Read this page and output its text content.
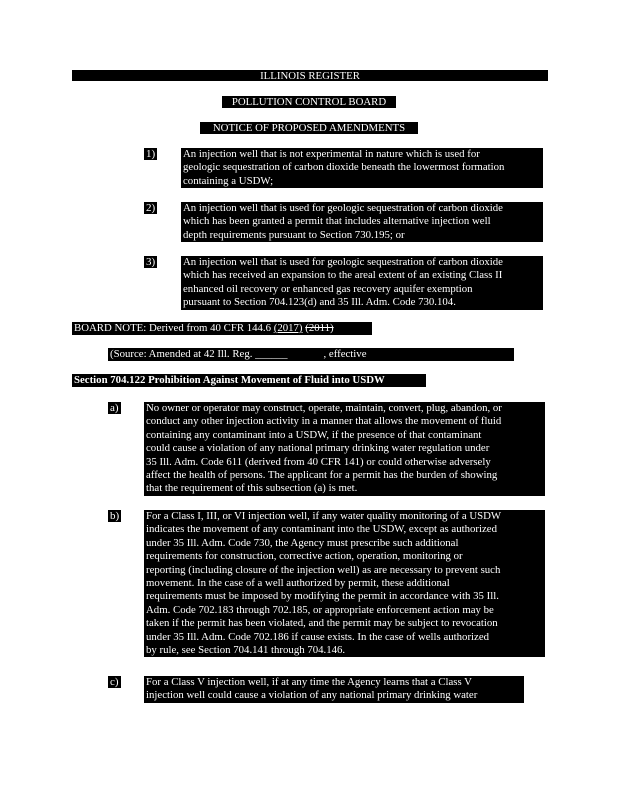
ILLINOIS REGISTER
POLLUTION CONTROL BOARD
NOTICE OF PROPOSED AMENDMENTS
1)	An injection well that is not experimental in nature which is used for
geologic sequestration of carbon dioxide beneath the lowermost formation
containing a USDW;
2)	An injection well that is used for geologic sequestration of carbon dioxide
which has been granted a permit that includes alternative injection well
depth requirements pursuant to Section 730.195; or
3)	An injection well that is used for geologic sequestration of carbon dioxide
which has received an expansion to the areal extent of an existing Class II
enhanced oil recovery or enhanced gas recovery aquifer exemption
pursuant to Section 704.123(d) and 35 Ill. Adm. Code 730.104.
BOARD NOTE: Derived from 40 CFR 144.6 (2017) (2011)
(Source: Amended at 42 Ill. Reg. ______	, effective	)
Section 704.122 Prohibition Against Movement of Fluid into USDW
a)	No owner or operator may construct, operate, maintain, convert, plug, abandon, or
conduct any other injection activity in a manner that allows the movement of fluid
containing any contaminant into a USDW, if the presence of that contaminant
could cause a violation of any national primary drinking water regulation under
35 Ill. Adm. Code 611 (derived from 40 CFR 141) or could otherwise adversely
affect the health of persons. The applicant for a permit has the burden of showing
that the requirement of this subsection (a) is met.
b) For a Class I, III, or VI injection well, if any water quality monitoring of a USDW
indicates the movement of any contaminant into the USDW, except as authorized
under 35 Ill. Adm. Code 730, the Agency must prescribe such additional
requirements for construction, corrective action, operation, monitoring or
reporting (including closure of the injection well) as are necessary to prevent such
movement. In the case of a well authorized by permit, these additional
requirements must be imposed by modifying the permit in accordance with 35 Ill.
Adm. Code 702.183 through 702.185, or appropriate enforcement action may be
taken if the permit has been violated, and the permit may be subject to revocation
under 35 Ill. Adm. Code 702.186 if cause exists. In the case of wells authorized
by rule, see Section 704.141 through 704.146.
c)	For a Class V injection well, if at any time the Agency learns that a Class V
injection well could cause a violation of any national primary drinking water
